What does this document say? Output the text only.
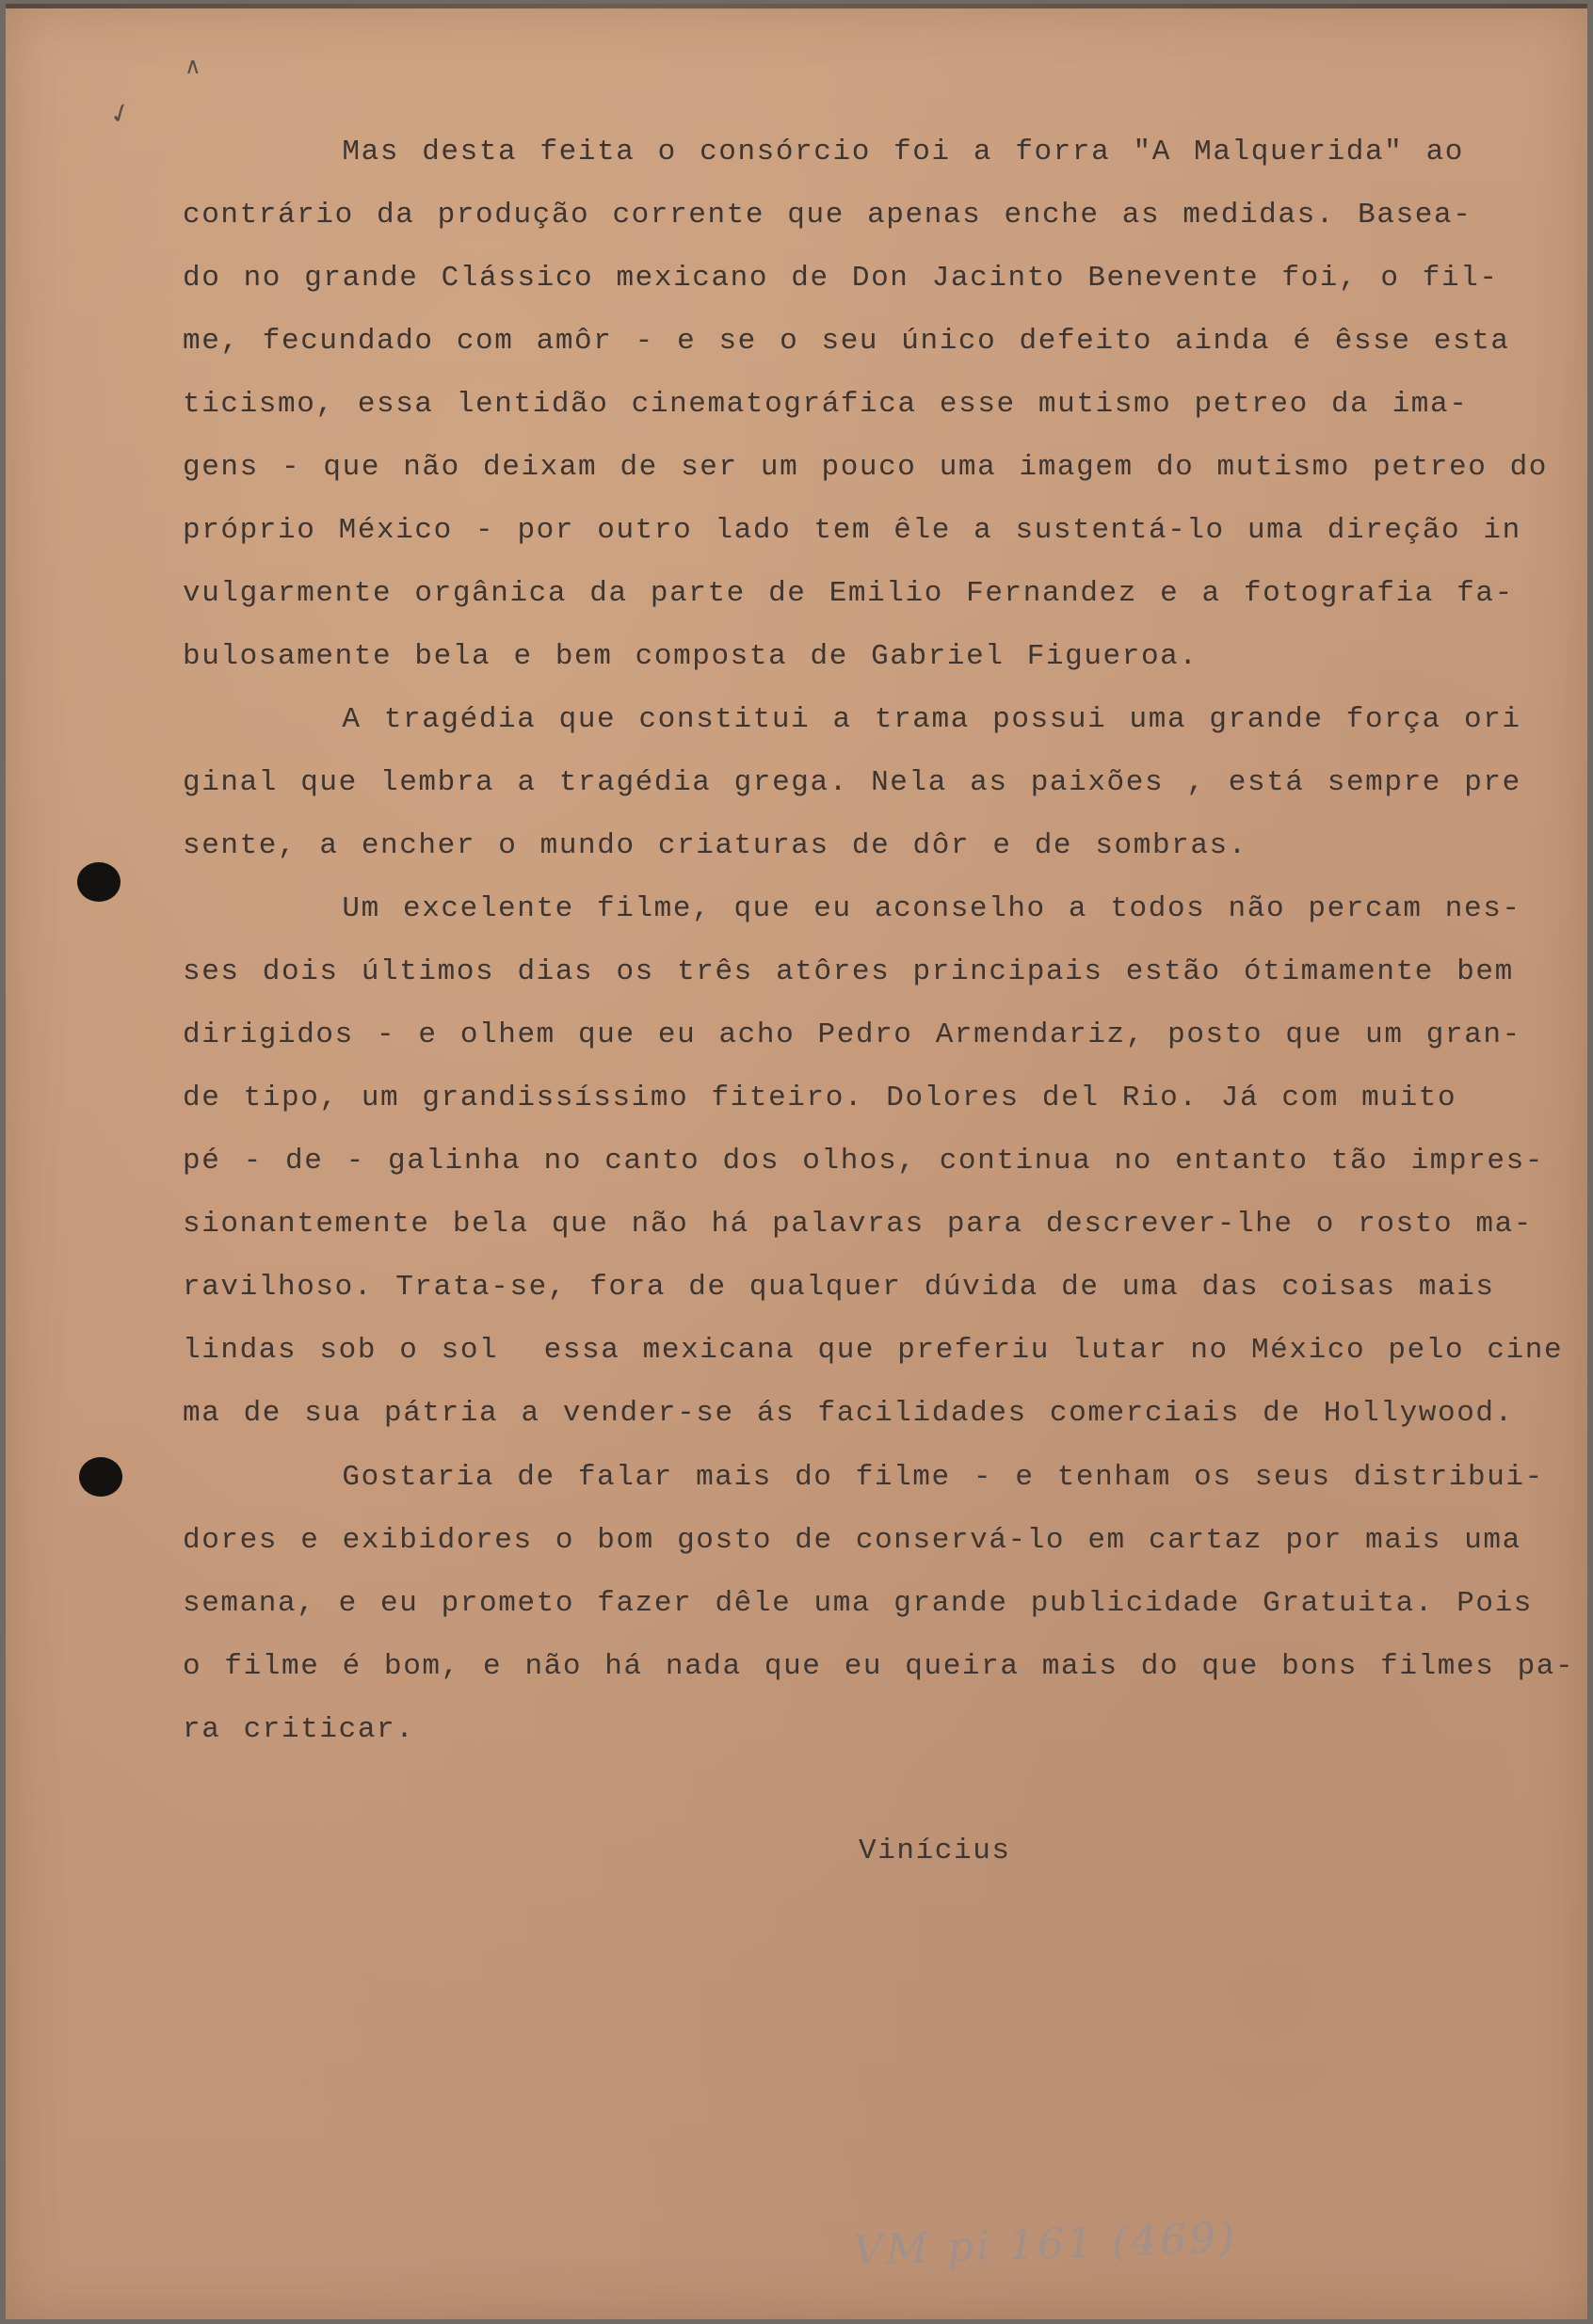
∧
✓

Mas desta feita o consórcio foi a forra "A Malquerida" ao
contrário da produção corrente que apenas enche as medidas. Basea-
do no grande Clássico mexicano de Don Jacinto Benevente foi, o fil-
me, fecundado com amôr - e se o seu único defeito ainda é êsse esta
ticismo, essa lentidão cinematográfica esse mutismo petreo da ima-
gens - que não deixam de ser um pouco uma imagem do mutismo petreo do
próprio México - por outro lado tem êle a sustentá-lo uma direção in
vulgarmente orgânica da parte de Emilio Fernandez e a fotografia fa-
bulosamente bela e bem composta de Gabriel Figueroa.

A tragédia que constitui a trama possui uma grande força ori
ginal que lembra a tragédia grega. Nela as paixões , está sempre pre
sente, a encher o mundo criaturas de dôr e de sombras.

Um excelente filme, que eu aconselho a todos não percam nes-
ses dois últimos dias os três atôres principais estão ótimamente bem
dirigidos - e olhem que eu acho Pedro Armendariz, posto que um gran-
de tipo, um grandissíssimo fiteiro. Dolores del Rio. Já com muito
pé - de - galinha no canto dos olhos, continua no entanto tão impres-
sionantemente bela que não há palavras para descrever-lhe o rosto ma-
ravilhoso. Trata-se, fora de qualquer dúvida de uma das coisas mais
lindas sob o sol  essa mexicana que preferiu lutar no México pelo cine
ma de sua pátria a vender-se ás facilidades comerciais de Hollywood.

Gostaria de falar mais do filme - e tenham os seus distribui-
dores e exibidores o bom gosto de conservá-lo em cartaz por mais uma
semana, e eu prometo fazer dêle uma grande publicidade Gratuita. Pois
o filme é bom, e não há nada que eu queira mais do que bons filmes pa-
ra criticar.

Vinícius
VM pi 161 (469)
